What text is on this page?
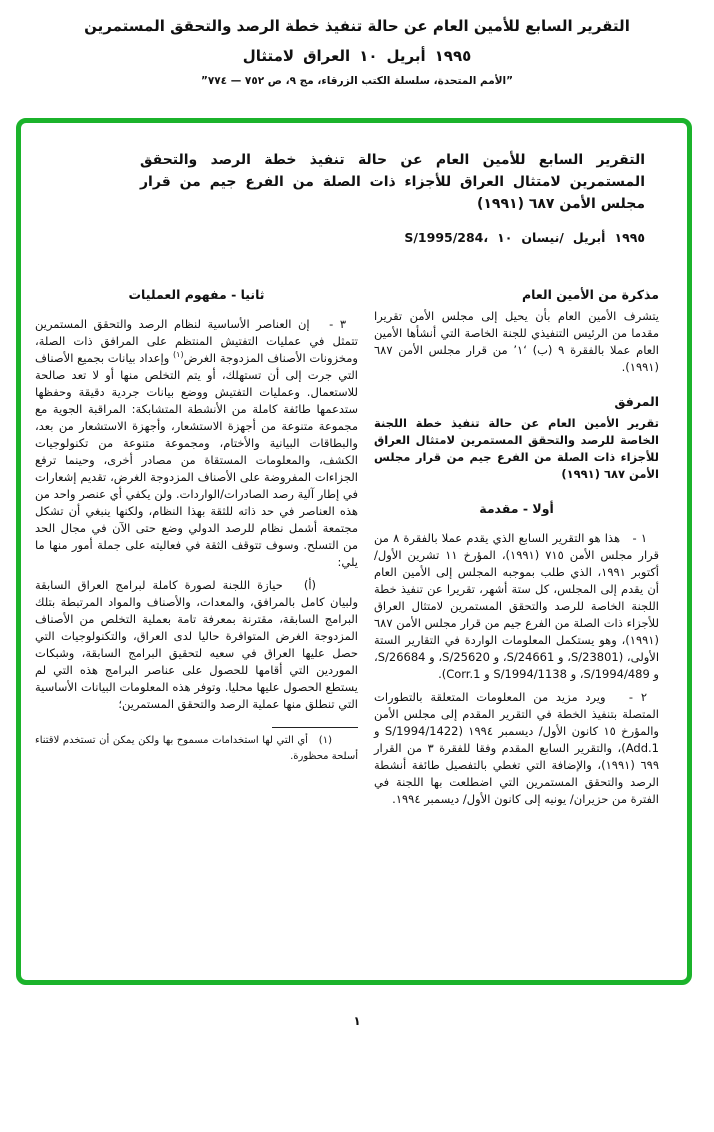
التقرير السابع للأمين العام عن حالة تنفيذ خطة الرصد والتحقق المستمرين
لامتثال العراق ١٠ أبريل ١٩٩٥
”الأمم المتحدة، سلسلة الكتب الزرقاء، مج ٩، ص ‎٧٥٢ — ٧٧٤‎”
التقرير السابع للأمين العام عن حالة تنفيذ خطة الرصد والتحقق المستمرين لامتثال العراق للأجزاء ذات الصلة من الفرع جيم من قرار مجلس الأمن ٦٨٧ (١٩٩١)
S/1995/284، ١٠ نيسان/ أبريل ١٩٩٥
مذكرة من الأمين العام

يتشرف الأمين العام بأن يحيل إلى مجلس الأمن تقريرا مقدما من الرئيس التنفيذي للجنة الخاصة التي أنشأها الأمين العام عملا بالفقرة ٩ (ب) ‘١’ من قرار مجلس الأمن ٦٨٧ (١٩٩١).

المرفق

تقرير الأمين العام عن حالة تنفيذ خطة اللجنة الخاصة للرصد والتحقق المستمرين لامتثال العراق للأجزاء ذات الصلة من الفرع جيم من قرار مجلس الأمن ٦٨٧ (١٩٩١)

أولا - مقدمة

١ -   هذا هو التقرير السابع الذي يقدم عملا بالفقرة ٨ من قرار مجلس الأمن ٧١٥ (١٩٩١)، المؤرخ ١١ تشرين الأول/ أكتوبر ١٩٩١، الذي طلب بموجبه المجلس إلى الأمين العام أن يقدم إلى المجلس، كل ستة أشهر، تقريرا عن تنفيذ خطة اللجنة الخاصة للرصد والتحقق المستمرين لامتثال العراق للأجزاء ذات الصلة من الفرع جيم من قرار مجلس الأمن ٦٨٧ (١٩٩١)، وهو يستكمل المعلومات الواردة في التقارير الستة الأولى، (S/23801، و S/24661، و S/25620، و S/26684، و S/1994/489، و S/1994/1138 و Corr.1).

٢ -   ويرد مزيد من المعلومات المتعلقة بالتطورات المتصلة بتنفيذ الخطة في التقرير المقدم إلى مجلس الأمن والمؤرخ ١٥ كانون الأول/ ديسمبر ١٩٩٤ (S/1994/1422 و Add.1)، والتقرير السابع المقدم وفقا للفقرة ٣ من القرار ٦٩٩ (١٩٩١)، والإضافة التي تغطي بالتفصيل طائفة أنشطة الرصد والتحقق المستمرين التي اضطلعت بها اللجنة في الفترة من حزيران/ يونيه إلى كانون الأول/ ديسمبر ١٩٩٤.

ثانيا - مفهوم العمليات

٣ -   إن العناصر الأساسية لنظام الرصد والتحقق المستمرين تتمثل في عمليات التفتيش المنتظم على المرافق ذات الصلة، ومخزونات الأصناف المزدوجة الغرض$^{(١)}$ وإعداد بيانات بجميع الأصناف التي جرت إلى أن تستهلك، أو يتم التخلص منها أو لا تعد صالحة للاستعمال. وعمليات التفتيش ووضع بيانات جردية دقيقة وحفظها ستدعمها طائفة كاملة من الأنشطة المتشابكة: المراقبة الجوية مع مجموعة متنوعة من أجهزة الاستشعار، وأجهزة الاستشعار من بعد، والبطاقات البيانية والأختام، ومجموعة متنوعة من تكنولوجيات الكشف، والمعلومات المستقاة من مصادر أخرى، وحينما ترفع الجزاءات المفروضة على الأصناف المزدوجة الغرض، تقديم إشعارات في إطار آلية رصد الصادرات/الواردات. ولن يكفي أي عنصر واحد من هذه العناصر في حد ذاته للثقة بهذا النظام، ولكنها ينبغي أن تشكل مجتمعة أشمل نظام للرصد الدولي وضع حتى الآن في مجال الحد من التسلح. وسوف تتوقف الثقة في فعاليته على جملة أمور منها ما يلي:

(أ)   حيازة اللجنة لصورة كاملة لبرامج العراق السابقة ولبيان كامل بالمرافق، والمعدات، والأصناف والمواد المرتبطة بتلك البرامج السابقة، مقترنة بمعرفة تامة بعملية التخلص من الأصناف المزدوجة الغرض المتوافرة حاليا لدى العراق، والتكنولوجيات التي حصل عليها العراق في سعيه لتحقيق البرامج السابقة، وشبكات الموردين التي أقامها للحصول على عناصر البرامج هذه التي لم يستطع الحصول عليها محليا. وتوفر هذه المعلومات البيانات الأساسية التي تنطلق منها عملية الرصد والتحقق المستمرين؛

(١)   أي التي لها استخدامات مسموح بها ولكن يمكن أن تستخدم لاقتناء أسلحة محظورة.

١
